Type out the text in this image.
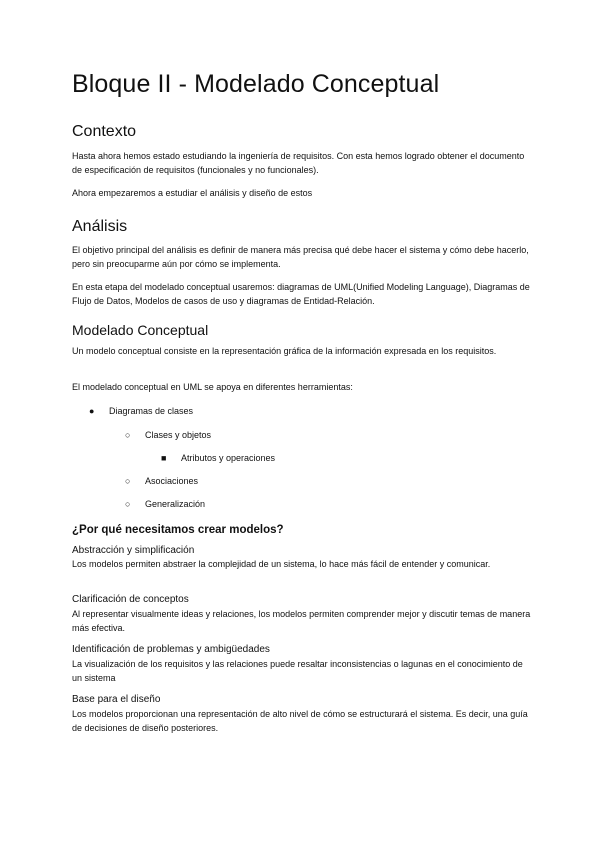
Bloque II - Modelado Conceptual
Contexto

Hasta ahora hemos estado estudiando la ingeniería de requisitos. Con esta hemos logrado obtener el documento de especificación de requisitos (funcionales y no funcionales).

Ahora empezaremos a estudiar el análisis y diseño de estos

Análisis

El objetivo principal del análisis es definir de manera más precisa qué debe hacer el sistema y cómo debe hacerlo, pero sin preocuparme aún por cómo se implementa.

En esta etapa del modelado conceptual usaremos: diagramas de UML(Unified Modeling Language), Diagramas de Flujo de Datos, Modelos de casos de uso y diagramas de Entidad-Relación.

Modelado Conceptual

Un modelo conceptual consiste en la representación gráfica de la información expresada en los requisitos.

El modelado conceptual en UML se apoya en diferentes herramientas:

● Diagramas de clases
○ Clases y objetos
■ Atributos y operaciones
○ Asociaciones
○ Generalización
¿Por qué necesitamos crear modelos?
Abstracción y simplificación

Los modelos permiten abstraer la complejidad de un sistema, lo hace más fácil de entender y comunicar.

Clarificación de conceptos

Al representar visualmente ideas y relaciones, los modelos permiten comprender mejor y discutir temas de manera más efectiva.

Identificación de problemas y ambigüedades

La visualización de los requisitos y las relaciones puede resaltar inconsistencias o lagunas en el conocimiento de un sistema

Base para el diseño

Los modelos proporcionan una representación de alto nivel de cómo se estructurará el sistema. Es decir, una guía de decisiones de diseño posteriores.
